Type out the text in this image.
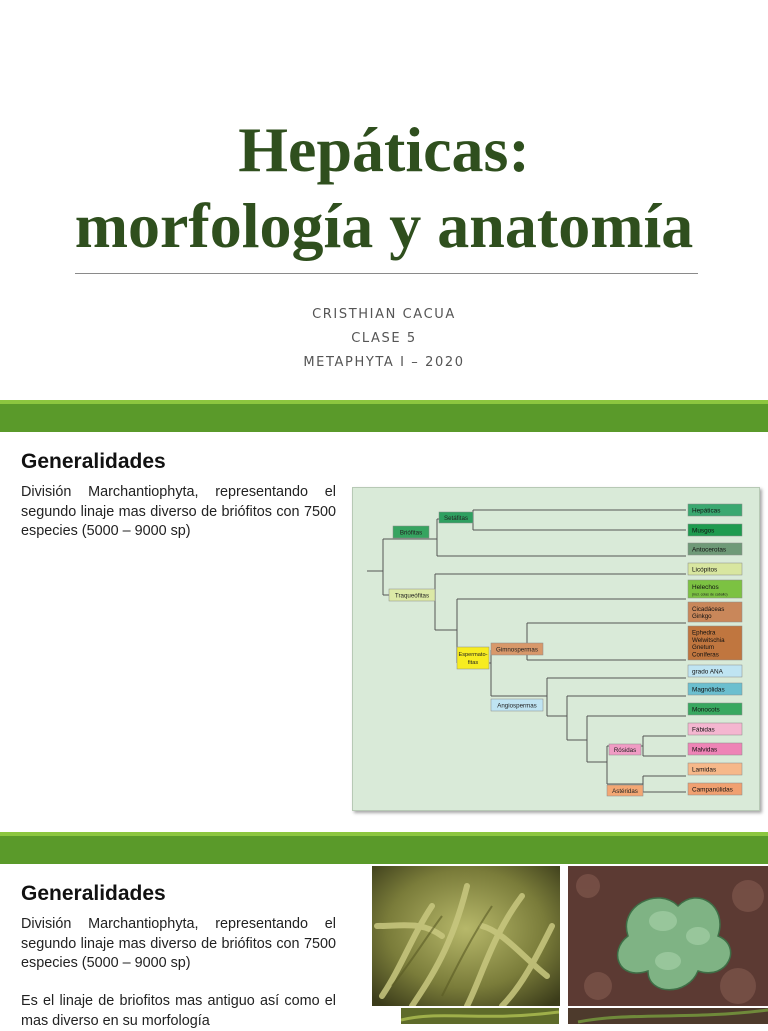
Hepáticas:
morfología y anatomía
CRISTHIAN CACUA
CLASE 5
METAPHYTA I – 2020
Generalidades

División Marchantiophyta, representando el segundo linaje mas diverso de briófitos con 7500 especies (5000 – 9000 sp)	Briófitas
Setáfitas
Traqueófitas
Espermato-
fitas
Gimnospermas
Angiospermas
Rósidas
Astéridas
Hepáticas
Musgos
Antocerotas
Licópitos
Helechos
(incl. colas de caballo)
Cicadáceas
Ginkgo
Ephedra
Welwitschia
Gnetum
Coníferas
grado ANA
Magnólidas
Monocots
Fábidas
Malvidas
Lamidas
Campanúlidas
Generalidades

División Marchantiophyta, representando el segundo linaje mas diverso de briófitos con 7500 especies (5000 – 9000 sp)

Es el linaje de briofitos mas antiguo así como el mas diverso en su morfología
